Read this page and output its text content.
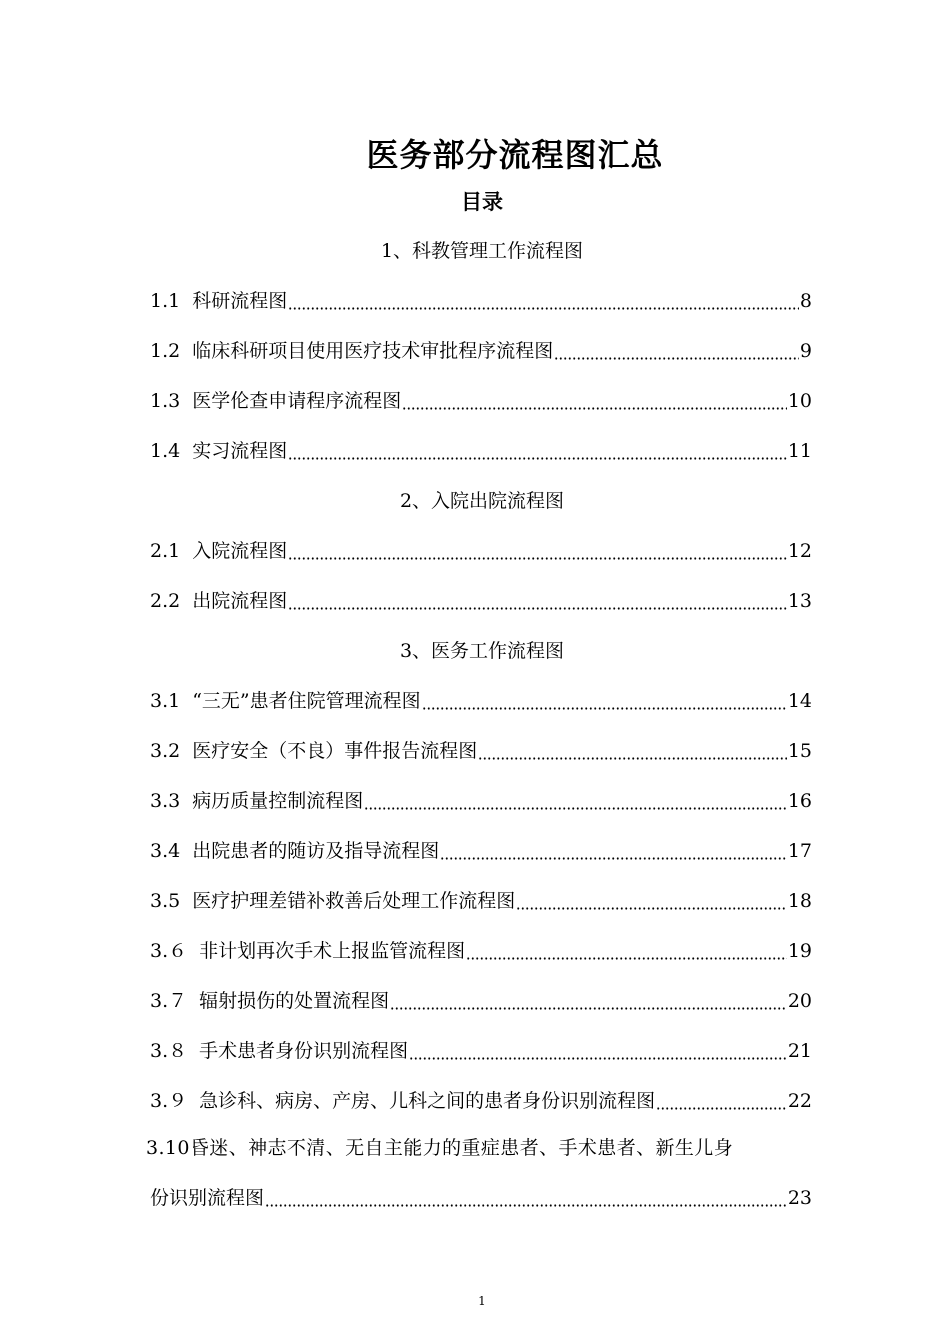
医务部分流程图汇总
目录
1、科教管理工作流程图
1.1 科研流程图	8
1.2 临床科研项目使用医疗技术审批程序流程图	9
1.3 医学伦查申请程序流程图	10
1.4 实习流程图	11
2、入院出院流程图
2.1 入院流程图	12
2.2 出院流程图	13
3、医务工作流程图
3.1 “三无”患者住院管理流程图	14
3.2 医疗安全（不良）事件报告流程图	15
3.3 病历质量控制流程图	16
3.4 出院患者的随访及指导流程图	17
3.5 医疗护理差错补救善后处理工作流程图	18
3.６ 非计划再次手术上报监管流程图	19
3.７ 辐射损伤的处置流程图	20
3.８ 手术患者身份识别流程图	21
3.９ 急诊科、病房、产房、儿科之间的患者身份识别流程图	22
3.10昏迷、神志不清、无自主能力的重症患者、手术患者、新生儿身
份识别流程图	23
1
